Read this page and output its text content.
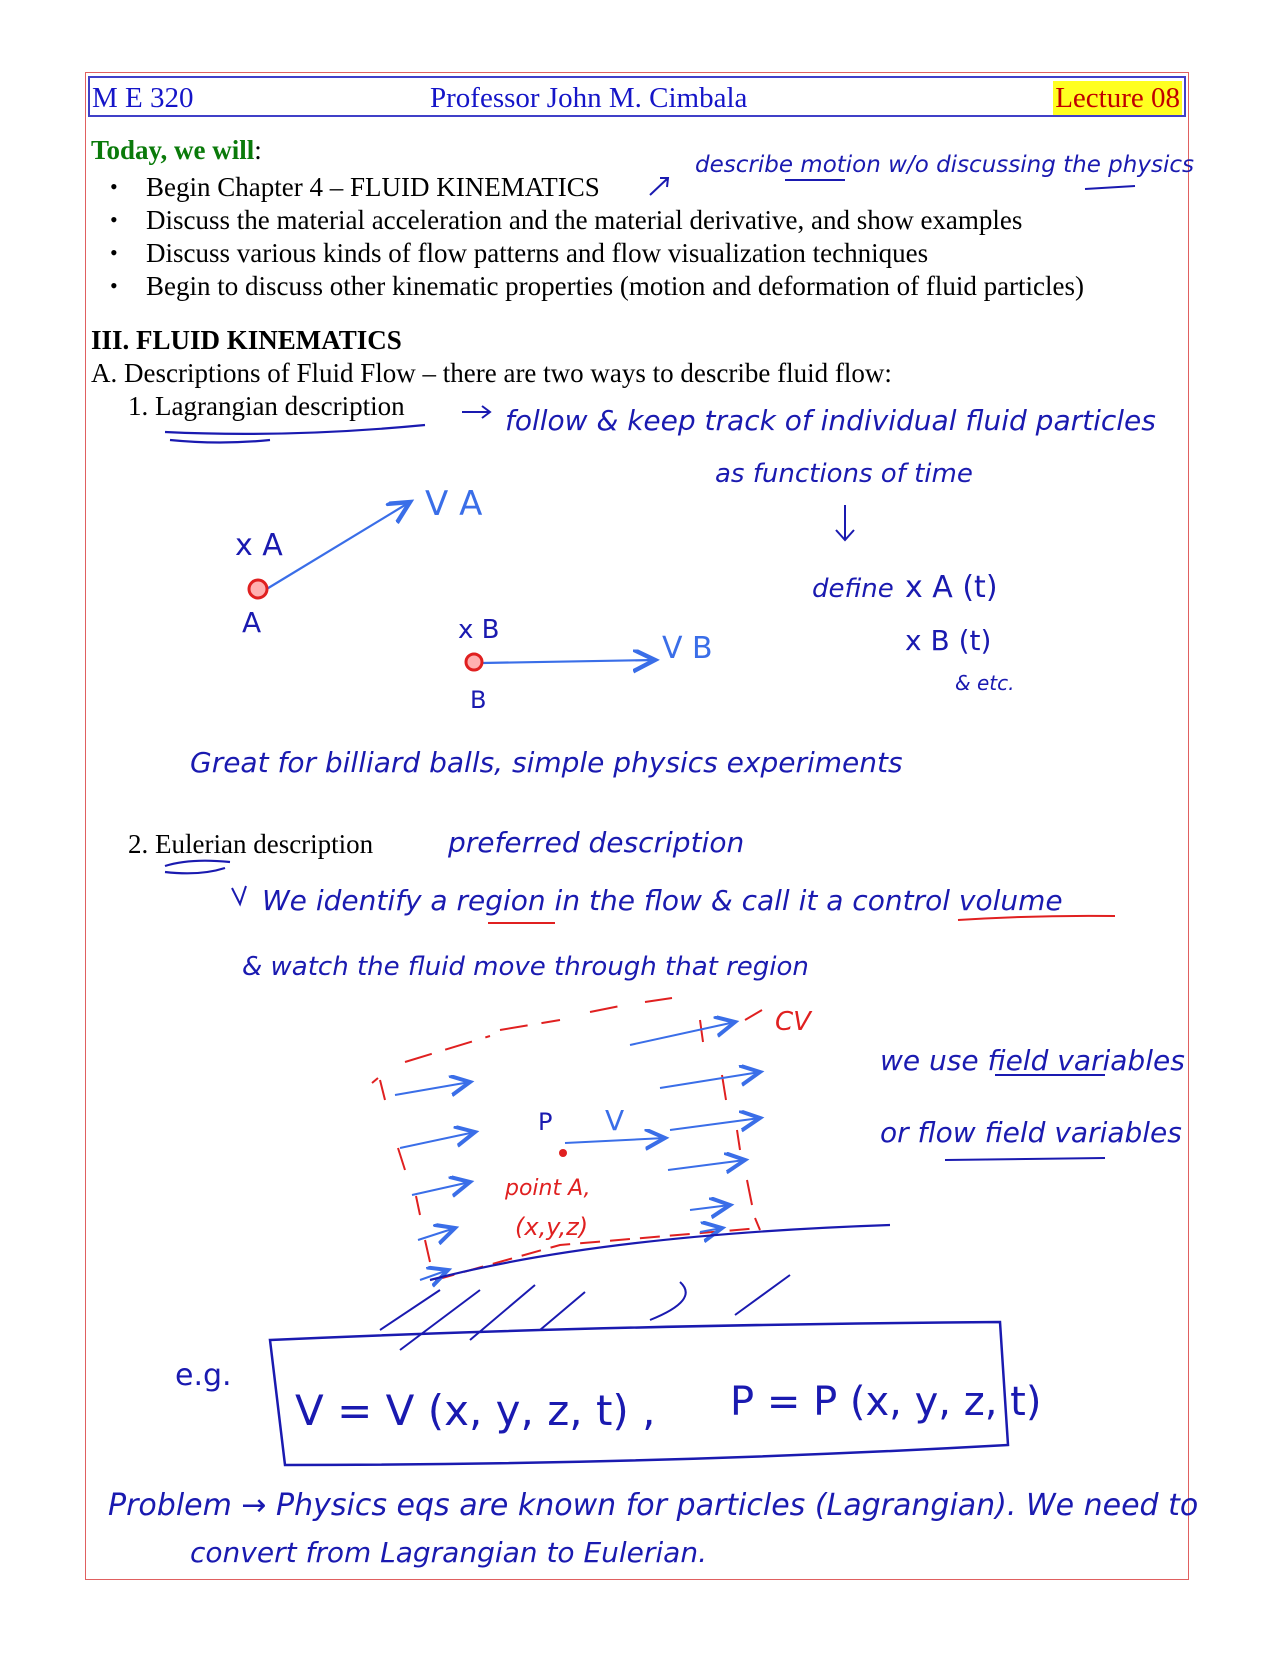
M E 320	Professor John M. Cimbala	Lecture 08
Today, we will:
• Begin Chapter 4 – FLUID KINEMATICS
• Discuss the material acceleration and the material derivative, and show examples
• Discuss various kinds of flow patterns and flow visualization techniques
• Begin to discuss other kinematic properties (motion and deformation of fluid particles)
III. FLUID KINEMATICS
A. Descriptions of Fluid Flow – there are two ways to describe fluid flow:
1. Lagrangian description
2. Eulerian description
describe motion w/o discussing the physics
follow & keep track of individual fluid particles
as functions of time
x A
V A
A	x B
V B
B
define x A (t)
x B (t)
& etc.
Great for billiard balls, simple physics experiments
preferred description
We identify a region in the flow & call it a control volume
& watch the fluid move through that region
CV
P V
point A,
(x,y,z)
we use field variables
or flow field variables
e.g.
V = V (x, y, z, t) , P = P (x, y, z, t)
Problem → Physics eqs are known for particles (Lagrangian). We need to
convert from Lagrangian to Eulerian.
